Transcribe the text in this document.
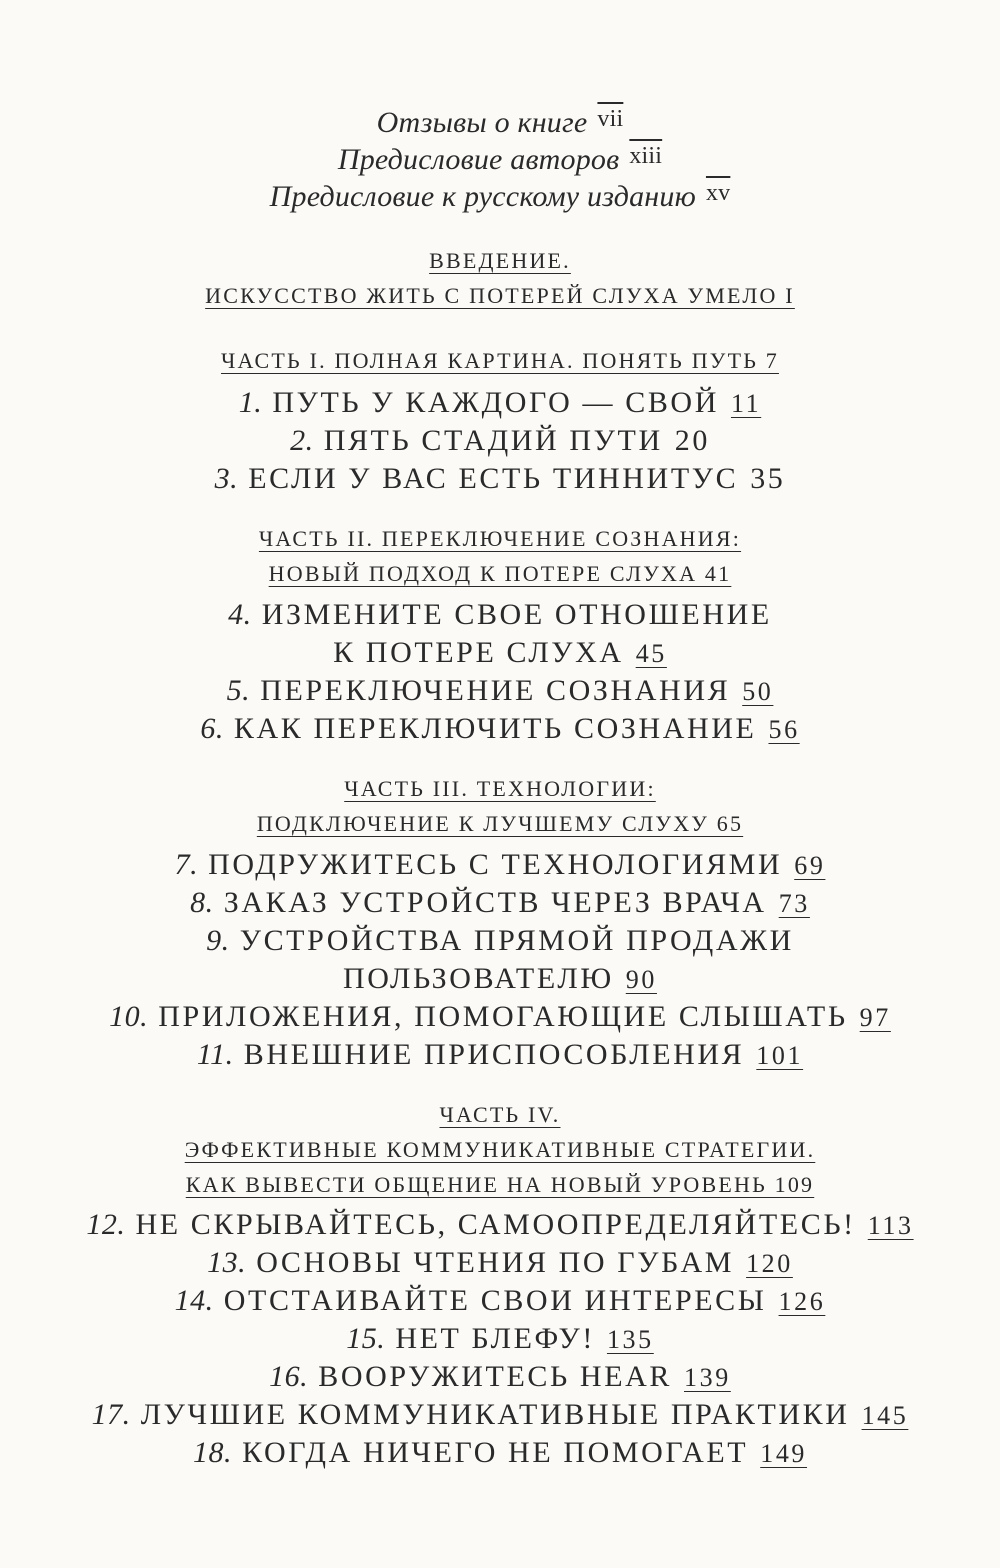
Отзывы о книге $^{vii}$
Предисловие авторов $^{xiii}$
Предисловие к русскому изданию $^{xv}$
ВВЕДЕНИЕ.
ИСКУССТВО ЖИТЬ С ПОТЕРЕЙ СЛУХА УМЕЛО I
ЧАСТЬ I. ПОЛНАЯ КАРТИНА. ПОНЯТЬ ПУТЬ 7
1. ПУТЬ У КАЖДОГО — СВОЙ 11
2. ПЯТЬ СТАДИЙ ПУТИ 20
3. ЕСЛИ У ВАС ЕСТЬ ТИННИТУС 35
ЧАСТЬ II. ПЕРЕКЛЮЧЕНИЕ СОЗНАНИЯ:
НОВЫЙ ПОДХОД К ПОТЕРЕ СЛУХА 41
4. ИЗМЕНИТЕ СВОЕ ОТНОШЕНИЕ
К ПОТЕРЕ СЛУХА 45
5. ПЕРЕКЛЮЧЕНИЕ СОЗНАНИЯ 50
6. КАК ПЕРЕКЛЮЧИТЬ СОЗНАНИЕ 56
ЧАСТЬ III. ТЕХНОЛОГИИ:
ПОДКЛЮЧЕНИЕ К ЛУЧШЕМУ СЛУХУ 65
7. ПОДРУЖИТЕСЬ С ТЕХНОЛОГИЯМИ 69
8. ЗАКАЗ УСТРОЙСТВ ЧЕРЕЗ ВРАЧА 73
9. УСТРОЙСТВА ПРЯМОЙ ПРОДАЖИ
ПОЛЬЗОВАТЕЛЮ 90
10. ПРИЛОЖЕНИЯ, ПОМОГАЮЩИЕ СЛЫШАТЬ 97
11. ВНЕШНИЕ ПРИСПОСОБЛЕНИЯ 101
ЧАСТЬ IV.
ЭФФЕКТИВНЫЕ КОММУНИКАТИВНЫЕ СТРАТЕГИИ.
КАК ВЫВЕСТИ ОБЩЕНИЕ НА НОВЫЙ УРОВЕНЬ 109
12. НЕ СКРЫВАЙТЕСЬ, САМООПРЕДЕЛЯЙТЕСЬ! 113
13. ОСНОВЫ ЧТЕНИЯ ПО ГУБАМ 120
14. ОТСТАИВАЙТЕ СВОИ ИНТЕРЕСЫ 126
15. НЕТ БЛЕФУ! 135
16. ВООРУЖИТЕСЬ HEAR 139
17. ЛУЧШИЕ КОММУНИКАТИВНЫЕ ПРАКТИКИ 145
18. КОГДА НИЧЕГО НЕ ПОМОГАЕТ 149
